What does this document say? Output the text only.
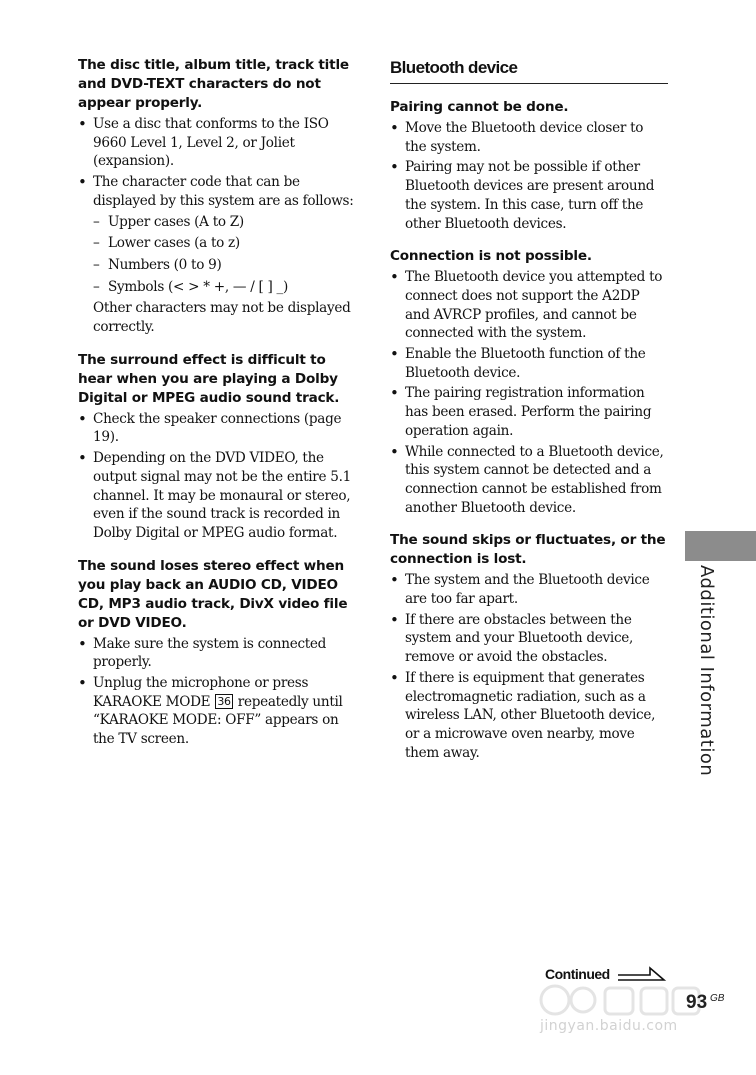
The disc title, album title, track title and DVD-TEXT characters do not appear properly.

• Use a disc that conforms to the ISO 9660 Level 1, Level 2, or Joliet (expansion).
• The character code that can be displayed by this system are as follows:
– Upper cases (A to Z)
– Lower cases (a to z)
– Numbers (0 to 9)
– Symbols (< > * +, — / [ ] _)
Other characters may not be displayed correctly.

The surround effect is difficult to hear when you are playing a Dolby Digital or MPEG audio sound track.

• Check the speaker connections (page 19).
• Depending on the DVD VIDEO, the output signal may not be the entire 5.1 channel. It may be monaural or stereo, even if the sound track is recorded in Dolby Digital or MPEG audio format.

The sound loses stereo effect when you play back an AUDIO CD, VIDEO CD, MP3 audio track, DivX video file or DVD VIDEO.

• Make sure the system is connected properly.
• Unplug the microphone or press KARAOKE MODE 36 repeatedly until “KARAOKE MODE: OFF” appears on the TV screen.
Bluetooth device

Pairing cannot be done.

• Move the Bluetooth device closer to the system.
• Pairing may not be possible if other Bluetooth devices are present around the system. In this case, turn off the other Bluetooth devices.

Connection is not possible.

• The Bluetooth device you attempted to connect does not support the A2DP and AVRCP profiles, and cannot be connected with the system.
• Enable the Bluetooth function of the Bluetooth device.
• The pairing registration information has been erased. Perform the pairing operation again.
• While connected to a Bluetooth device, this system cannot be detected and a connection cannot be established from another Bluetooth device.

The sound skips or fluctuates, or the connection is lost.

• The system and the Bluetooth device are too far apart.
• If there are obstacles between the system and your Bluetooth device, remove or avoid the obstacles.
• If there is equipment that generates electromagnetic radiation, such as a wireless LAN, other Bluetooth device, or a microwave oven nearby, move them away.	Additional Information
Continued
jingyan.baidu.com
93 GB
